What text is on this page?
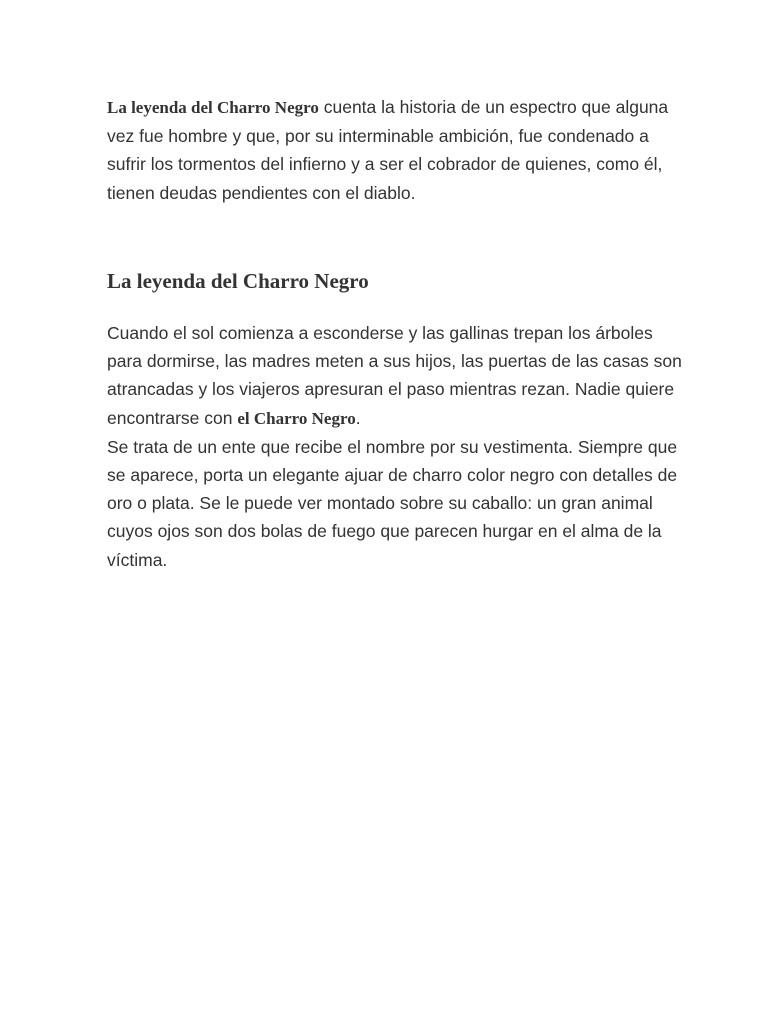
La leyenda del Charro Negro cuenta la historia de un espectro que alguna vez fue hombre y que, por su interminable ambición, fue condenado a sufrir los tormentos del infierno y a ser el cobrador de quienes, como él, tienen deudas pendientes con el diablo.

La leyenda del Charro Negro
Cuando el sol comienza a esconderse y las gallinas trepan los árboles para dormirse, las madres meten a sus hijos, las puertas de las casas son atrancadas y los viajeros apresuran el paso mientras rezan. Nadie quiere encontrarse con el Charro Negro.
Se trata de un ente que recibe el nombre por su vestimenta. Siempre que se aparece, porta un elegante ajuar de charro color negro con detalles de oro o plata. Se le puede ver montado sobre su caballo: un gran animal cuyos ojos son dos bolas de fuego que parecen hurgar en el alma de la víctima.
